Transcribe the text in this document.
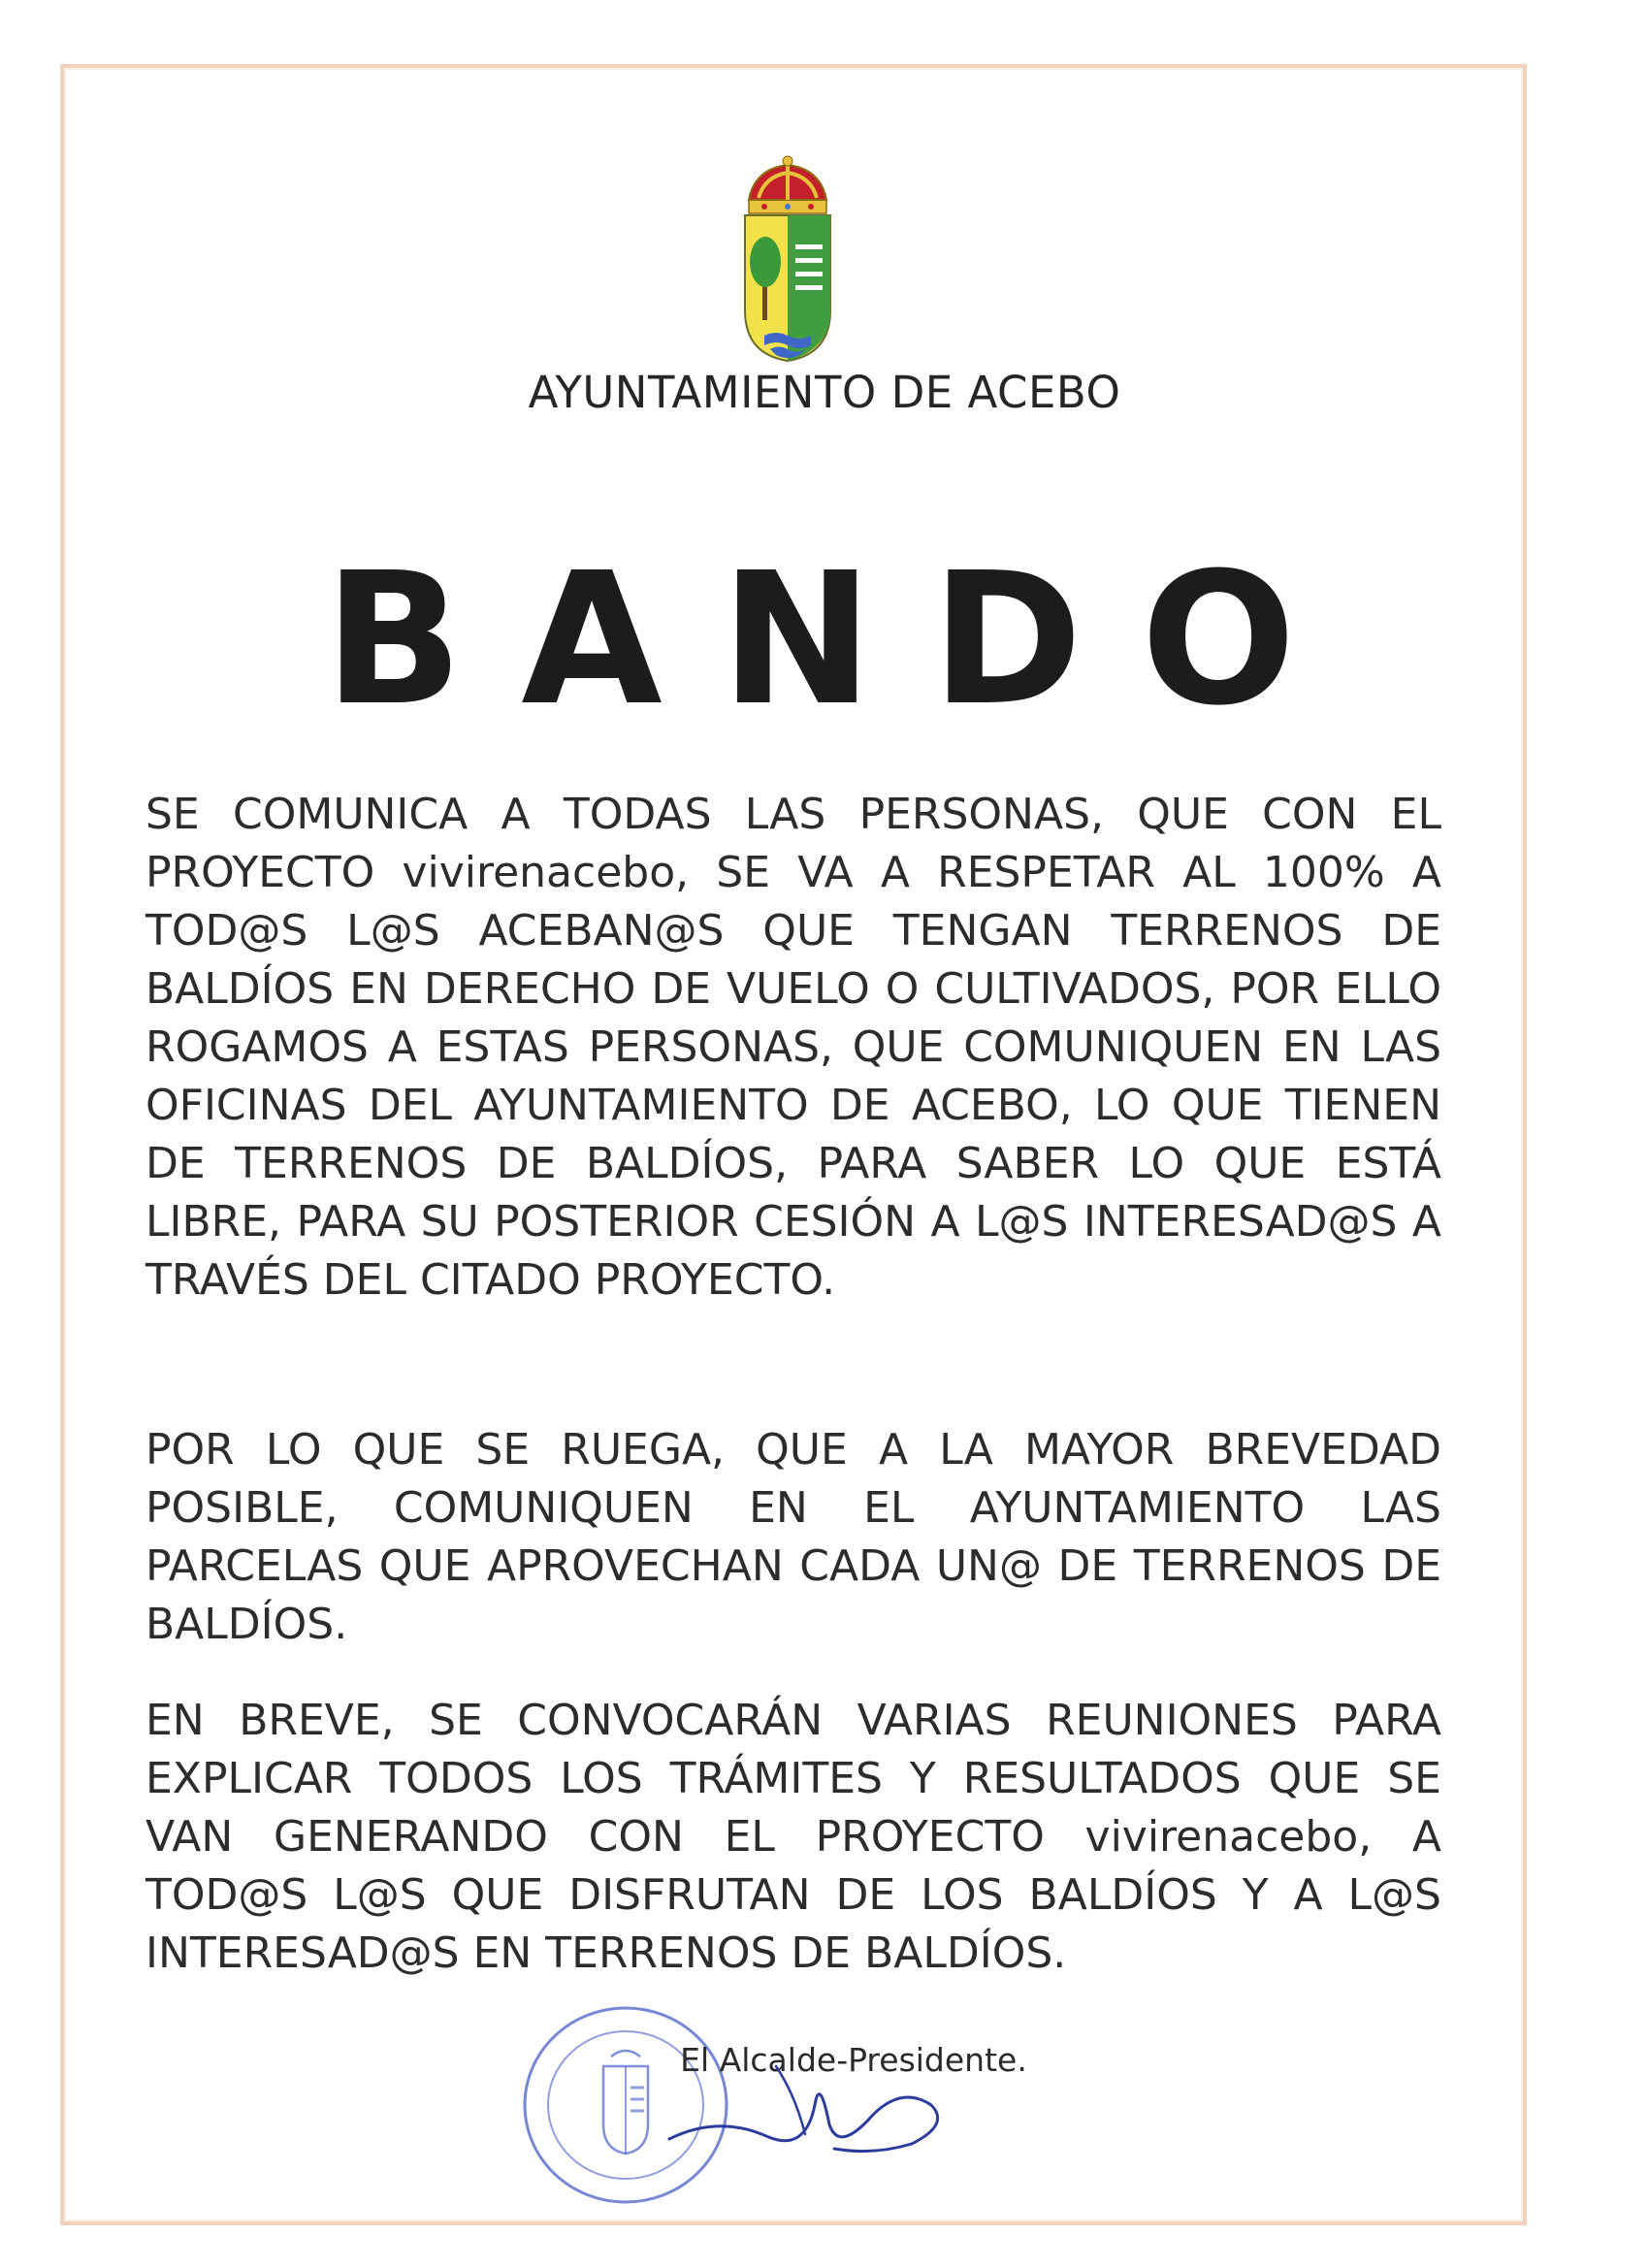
AYUNTAMIENTO DE ACEBO
BANDO

SE COMUNICA A TODAS LAS PERSONAS, QUE CON EL PROYECTO vivirenacebo, SE VA A RESPETAR AL 100% A TOD@S L@S ACEBAN@S QUE TENGAN TERRENOS DE BALDÍOS EN DERECHO DE VUELO O CULTIVADOS, POR ELLO ROGAMOS A ESTAS PERSONAS, QUE COMUNIQUEN EN LAS OFICINAS DEL AYUNTAMIENTO DE ACEBO, LO QUE TIENEN DE TERRENOS DE BALDÍOS, PARA SABER LO QUE ESTÁ LIBRE, PARA SU POSTERIOR CESIÓN A L@S INTERESAD@S A TRAVÉS DEL CITADO PROYECTO.

POR LO QUE SE RUEGA, QUE A LA MAYOR BREVEDAD POSIBLE, COMUNIQUEN EN EL AYUNTAMIENTO LAS PARCELAS QUE APROVECHAN CADA UN@ DE TERRENOS DE BALDÍOS.

EN BREVE, SE CONVOCARÁN VARIAS REUNIONES PARA EXPLICAR TODOS LOS TRÁMITES Y RESULTADOS QUE SE VAN GENERANDO CON EL PROYECTO vivirenacebo, A TOD@S L@S QUE DISFRUTAN DE LOS BALDÍOS Y A L@S INTERESAD@S EN TERRENOS DE BALDÍOS.

El Alcalde-Presidente.
